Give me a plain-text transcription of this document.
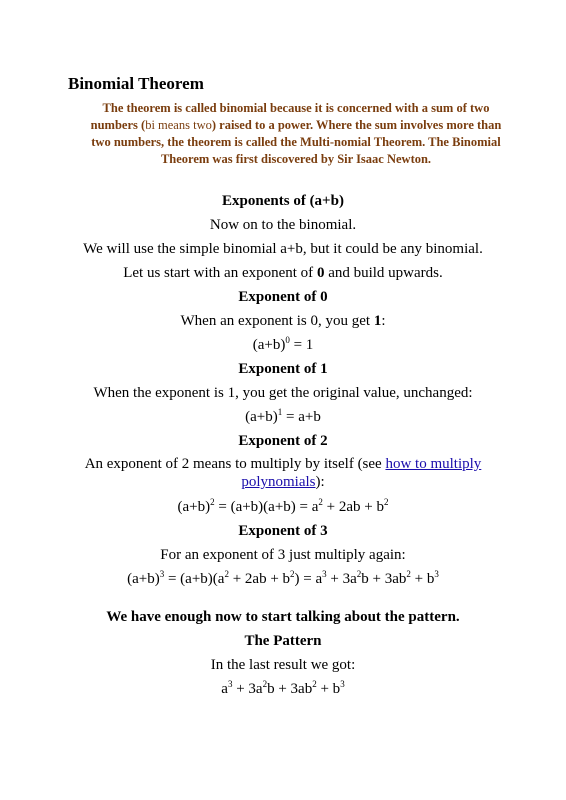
Binomial Theorem

The theorem is called binomial because it is concerned with a sum of two numbers (bi means two) raised to a power. Where the sum involves more than two numbers, the theorem is called the Multi-nomial Theorem. The Binomial Theorem was first discovered by Sir Isaac Newton.

Exponents of (a+b)
Now on to the binomial.
We will use the simple binomial a+b, but it could be any binomial.
Let us start with an exponent of 0 and build upwards.
Exponent of 0
When an exponent is 0, you get 1:
$(a+b)^0 = 1$
Exponent of 1
When the exponent is 1, you get the original value, unchanged:
$(a+b)^1 = a+b$
Exponent of 2
An exponent of 2 means to multiply by itself (see how to multiply polynomials):
$(a+b)^2 = (a+b)(a+b) = a^2 + 2ab + b^2$
Exponent of 3
For an exponent of 3 just multiply again:
$(a+b)^3 = (a+b)(a^2 + 2ab + b^2) = a^3 + 3a^2b + 3ab^2 + b^3$
We have enough now to start talking about the pattern.
The Pattern
In the last result we got:
$a^3 + 3a^2b + 3ab^2 + b^3$
